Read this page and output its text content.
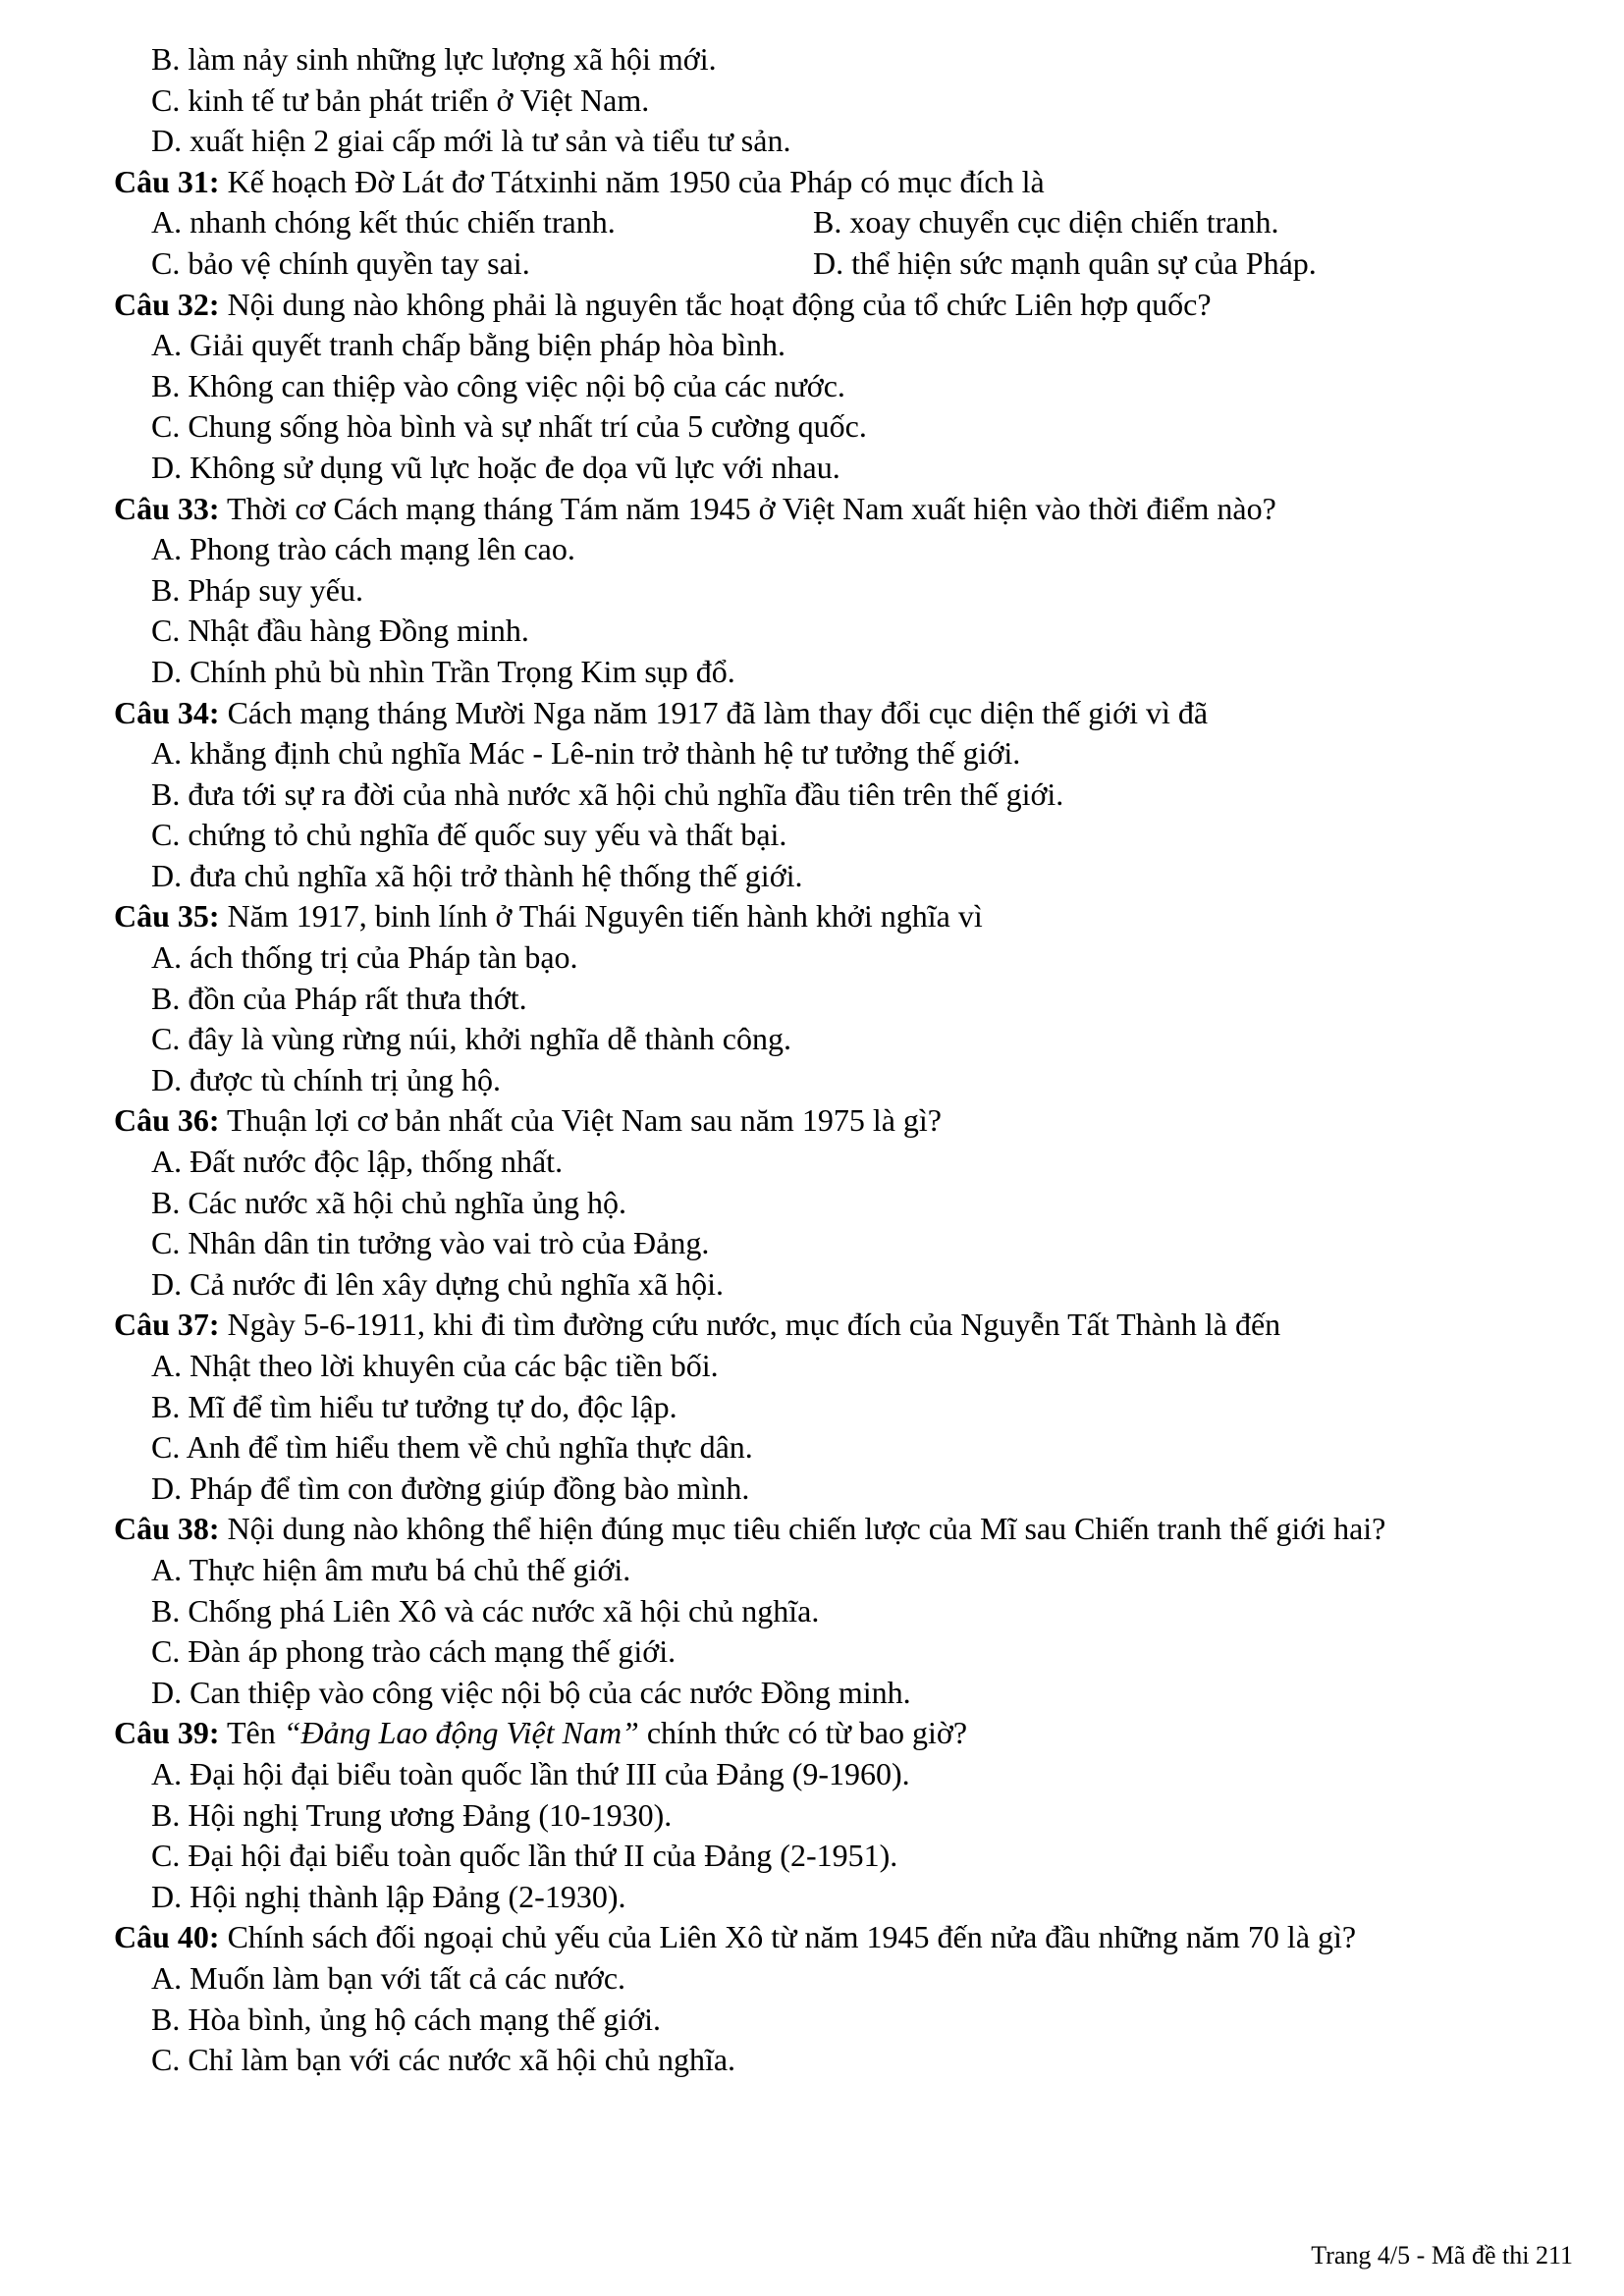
B. làm nảy sinh những lực lượng xã hội mới.
C. kinh tế tư bản phát triển ở Việt Nam.
D. xuất hiện 2 giai cấp mới là tư sản và tiểu tư sản.
Câu 31: Kế hoạch Đờ Lát đơ Tátxinhi năm 1950 của Pháp có mục đích là
A. nhanh chóng kết thúc chiến tranh.	B. xoay chuyển cục diện chiến tranh.
C. bảo vệ chính quyền tay sai.	D. thể hiện sức mạnh quân sự của Pháp.
Câu 32: Nội dung nào không phải là nguyên tắc hoạt động của tổ chức Liên hợp quốc?
A. Giải quyết tranh chấp bằng biện pháp hòa bình.
B. Không can thiệp vào công việc nội bộ của các nước.
C. Chung sống hòa bình và sự nhất trí của 5 cường quốc.
D. Không sử dụng vũ lực hoặc đe dọa vũ lực với nhau.
Câu 33: Thời cơ Cách mạng tháng Tám năm 1945 ở Việt Nam xuất hiện vào thời điểm nào?
A. Phong trào cách mạng lên cao.
B. Pháp suy yếu.
C. Nhật đầu hàng Đồng minh.
D. Chính phủ bù nhìn Trần Trọng Kim sụp đổ.
Câu 34: Cách mạng tháng Mười Nga năm 1917 đã làm thay đổi cục diện thế giới vì đã
A. khẳng định chủ nghĩa Mác - Lê-nin trở thành hệ tư tưởng thế giới.
B. đưa tới sự ra đời của nhà nước xã hội chủ nghĩa đầu tiên trên thế giới.
C. chứng tỏ chủ nghĩa đế quốc suy yếu và thất bại.
D. đưa chủ nghĩa xã hội trở thành hệ thống thế giới.
Câu 35: Năm 1917, binh lính ở Thái Nguyên tiến hành khởi nghĩa vì
A. ách thống trị của Pháp tàn bạo.
B. đồn của Pháp rất thưa thớt.
C. đây là vùng rừng núi, khởi nghĩa dễ thành công.
D. được tù chính trị ủng hộ.
Câu 36: Thuận lợi cơ bản nhất của Việt Nam sau năm 1975 là gì?
A. Đất nước độc lập, thống nhất.
B. Các nước xã hội chủ nghĩa ủng hộ.
C. Nhân dân tin tưởng vào vai trò của Đảng.
D. Cả nước đi lên xây dựng chủ nghĩa xã hội.
Câu 37: Ngày 5-6-1911, khi đi tìm đường cứu nước, mục đích của Nguyễn Tất Thành là đến
A. Nhật theo lời khuyên của các bậc tiền bối.
B. Mĩ để tìm hiểu tư tưởng tự do, độc lập.
C. Anh để tìm hiểu them về chủ nghĩa thực dân.
D. Pháp để tìm con đường giúp đồng bào mình.
Câu 38: Nội dung nào không thể hiện đúng mục tiêu chiến lược của Mĩ sau Chiến tranh thế giới hai?
A. Thực hiện âm mưu bá chủ thế giới.
B. Chống phá Liên Xô và các nước xã hội chủ nghĩa.
C. Đàn áp phong trào cách mạng thế giới.
D. Can thiệp vào công việc nội bộ của các nước Đồng minh.
Câu 39: Tên “Đảng Lao động Việt Nam” chính thức có từ bao giờ?
A. Đại hội đại biểu toàn quốc lần thứ III của Đảng (9-1960).
B. Hội nghị Trung ương Đảng (10-1930).
C. Đại hội đại biểu toàn quốc lần thứ II của Đảng (2-1951).
D. Hội nghị thành lập Đảng (2-1930).
Câu 40: Chính sách đối ngoại chủ yếu của Liên Xô từ năm 1945 đến nửa đầu những năm 70 là gì?
A. Muốn làm bạn với tất cả các nước.
B. Hòa bình, ủng hộ cách mạng thế giới.
C. Chỉ làm bạn với các nước xã hội chủ nghĩa.
Trang 4/5 - Mã đề thi 211
